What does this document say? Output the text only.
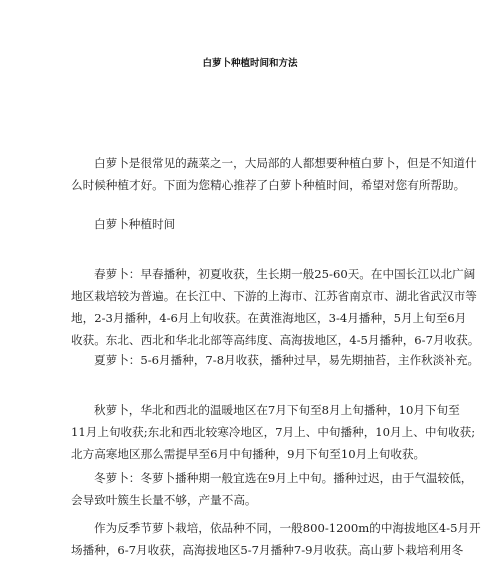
白萝卜种植时间和方法

白萝卜是很常见的蔬菜之一，大局部的人都想要种植白萝卜，但是不知道什
么时候种植才好。下面为您精心推荐了白萝卜种植时间，希望对您有所帮助。

白萝卜种植时间

春萝卜：早春播种，初夏收获，生长期一般25-60天。在中国长江以北广阔
地区栽培较为普遍。在长江中、下游的上海市、江苏省南京市、湖北省武汉市等
地，2-3月播种，4-6月上旬收获。在黄淮海地区，3-4月播种，5月上旬至6月
收获。东北、西北和华北北部等高纬度、高海拔地区，4-5月播种，6-7月收获。

夏萝卜：5-6月播种，7-8月收获，播种过早，易先期抽苔，主作秋淡补充。

秋萝卜，华北和西北的温暖地区在7月下旬至8月上旬播种，10月下旬至
11月上旬收获;东北和西北较寒冷地区，7月上、中旬播种，10月上、中旬收获;
北方高寒地区那么需提早至6月中旬播种，9月下旬至10月上旬收获。

冬萝卜：冬萝卜播种期一般宜选在9月上中旬。播种过迟，由于气温较低，
会导致叶簇生长量不够，产量不高。

作为反季节萝卜栽培，依品种不同，一般800-1200m的中海拔地区4-5月开
场播种，6-7月收获，高海拔地区5-7月播种7-9月收获。高山萝卜栽培利用冬
